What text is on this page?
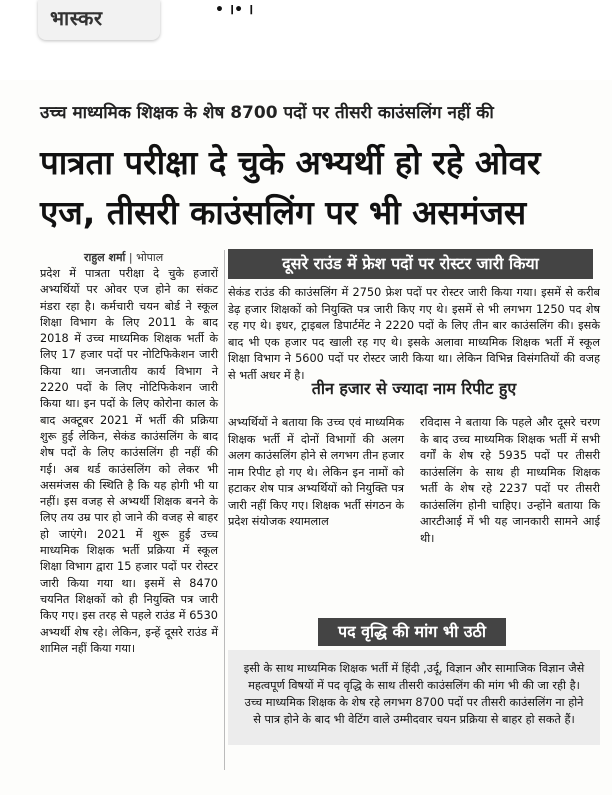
भास्कर	• ।• ।
उच्च माध्यमिक शिक्षक के शेष 8700 पदों पर तीसरी काउंसलिंग नहीं की
पात्रता परीक्षा दे चुके अभ्यर्थी हो रहे ओवर एज, तीसरी काउंसलिंग पर भी असमंजस
राहुल शर्मा | भोपाल

प्रदेश में पात्रता परीक्षा दे चुके हजारों अभ्यर्थियों पर ओवर एज होने का संकट मंडरा रहा है। कर्मचारी चयन बोर्ड ने स्कूल शिक्षा विभाग के लिए 2011 के बाद 2018 में उच्च माध्यमिक शिक्षक भर्ती के लिए 17 हजार पदों पर नोटिफिकेशन जारी किया था। जनजातीय कार्य विभाग ने 2220 पदों के लिए नोटिफिकेशन जारी किया था। इन पदों के लिए कोरोना काल के बाद अक्टूबर 2021 में भर्ती की प्रक्रिया शुरू हुई लेकिन, सेकंड काउंसलिंग के बाद शेष पदों के लिए काउंसलिंग ही नहीं की गई। अब थर्ड काउंसलिंग को लेकर भी असमंजस की स्थिति है कि यह होगी भी या नहीं। इस वजह से अभ्यर्थी शिक्षक बनने के लिए तय उम्र पार हो जाने की वजह से बाहर हो जाएंगे। 2021 में शुरू हुई उच्च माध्यमिक शिक्षक भर्ती प्रक्रिया में स्कूल शिक्षा विभाग द्वारा 15 हजार पदों पर रोस्टर जारी किया गया था। इसमें से 8470 चयनित शिक्षकों को ही नियुक्ति पत्र जारी किए गए। इस तरह से पहले राउंड में 6530 अभ्यर्थी शेष रहे। लेकिन, इन्हें दूसरे राउंड में शामिल नहीं किया गया।

दूसरे राउंड में फ्रेश पदों पर रोस्टर जारी किया

सेकंड राउंड की काउंसलिंग में 2750 फ्रेश पदों पर रोस्टर जारी किया गया। इसमें से करीब डेढ़ हजार शिक्षकों को नियुक्ति पत्र जारी किए गए थे। इसमें से भी लगभग 1250 पद शेष रह गए थे। इधर, ट्राइबल डिपार्टमेंट ने 2220 पदों के लिए तीन बार काउंसलिंग की। इसके बाद भी एक हजार पद खाली रह गए थे। इसके अलावा माध्यमिक शिक्षक भर्ती में स्कूल शिक्षा विभाग ने 5600 पदों पर रोस्टर जारी किया था। लेकिन विभिन्न विसंगतियों की वजह से भर्ती अधर में है।

तीन हजार से ज्यादा नाम रिपीट हुए

अभ्यर्थियों ने बताया कि उच्च एवं माध्यमिक शिक्षक भर्ती में दोनों विभागों की अलग अलग काउंसलिंग होने से लगभग तीन हजार नाम रिपीट हो गए थे। लेकिन इन नामों को हटाकर शेष पात्र अभ्यर्थियों को नियुक्ति पत्र जारी नहीं किए गए। शिक्षक भर्ती संगठन के प्रदेश संयोजक श्यामलाल

रविदास ने बताया कि पहले और दूसरे चरण के बाद उच्च माध्यमिक शिक्षक भर्ती में सभी वर्गों के शेष रहे 5935 पदों पर तीसरी काउंसलिंग के साथ ही माध्यमिक शिक्षक भर्ती के शेष रहे 2237 पदों पर तीसरी काउंसलिंग होनी चाहिए। उन्होंने बताया कि आरटीआई में भी यह जानकारी सामने आई थी।

पद वृद्धि की मांग भी उठी

इसी के साथ माध्यमिक शिक्षक भर्ती में हिंदी ,उर्दू, विज्ञान और सामाजिक विज्ञान जैसे महत्वपूर्ण विषयों में पद वृद्धि के साथ तीसरी काउंसलिंग की मांग भी की जा रही है। उच्च माध्यमिक शिक्षक के शेष रहे लगभग 8700 पदों पर तीसरी काउंसलिंग ना होने से पात्र होने के बाद भी वेटिंग वाले उम्मीदवार चयन प्रक्रिया से बाहर हो सकते हैं।
